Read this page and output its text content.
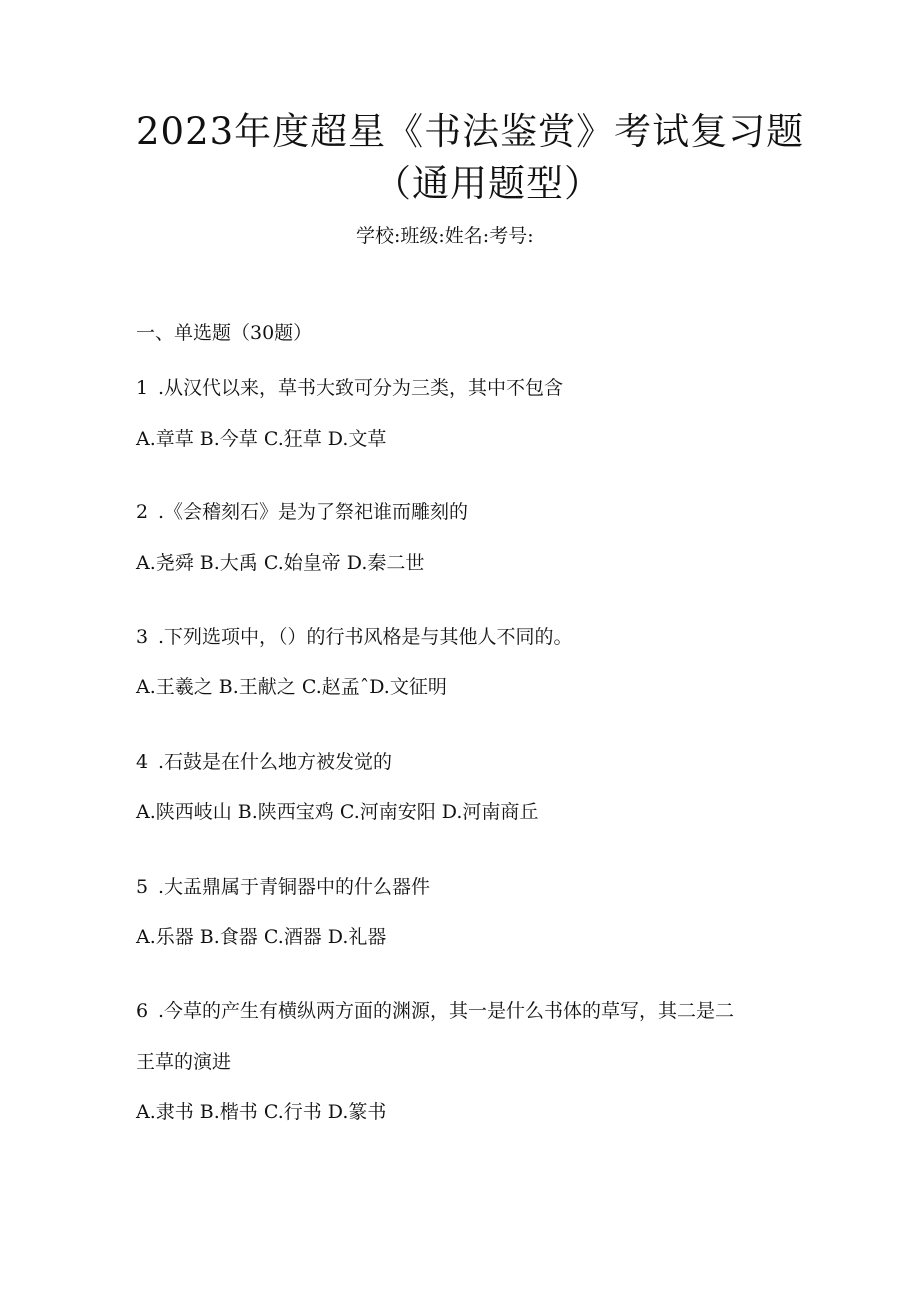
2023年度超星《书法鉴赏》考试复习题
（通用题型）
学校:班级:姓名:考号:
一、单选题（30题）
1 .从汉代以来，草书大致可分为三类，其中不包含
A.章草 B.今草 C.狂草 D.文草
2 .《会稽刻石》是为了祭祀谁而雕刻的
A.尧舜 B.大禹 C.始皇帝 D.秦二世
3 .下列选项中，（）的行书风格是与其他人不同的。
A.王羲之 B.王献之 C.赵孟ˆD.文征明
4 .石鼓是在什么地方被发觉的
A.陕西岐山 B.陕西宝鸡 C.河南安阳 D.河南商丘
5 .大盂鼎属于青铜器中的什么器件
A.乐器 B.食器 C.酒器 D.礼器
6 .今草的产生有横纵两方面的渊源，其一是什么书体的草写，其二是二
王草的演进
A.隶书 B.楷书 C.行书 D.篆书
